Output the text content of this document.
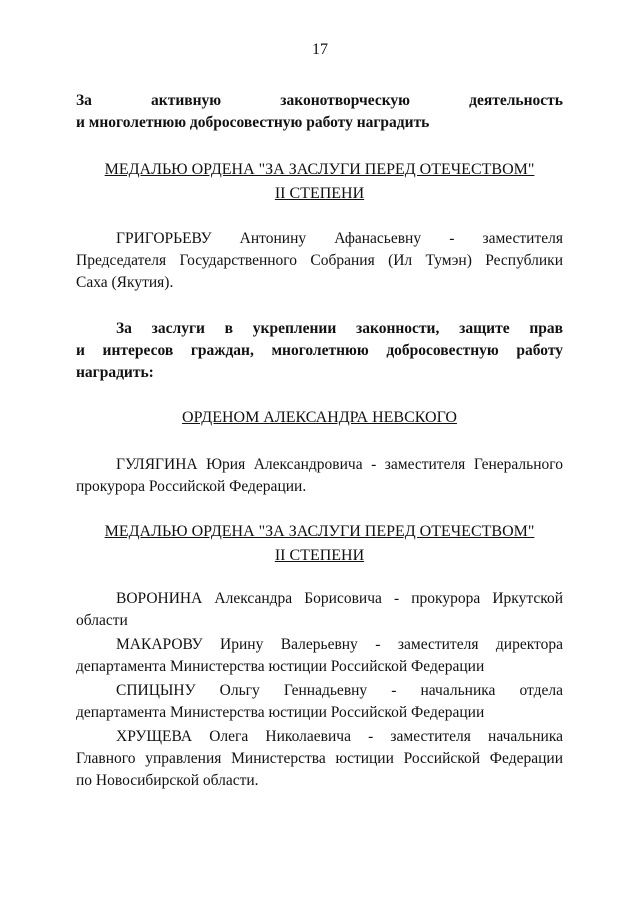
17
За активную законотворческую деятельность
и многолетнюю добросовестную работу наградить
МЕДАЛЬЮ ОРДЕНА "ЗА ЗАСЛУГИ ПЕРЕД ОТЕЧЕСТВОМ"
II СТЕПЕНИ
ГРИГОРЬЕВУ Антонину Афанасьевну - заместителя
Председателя Государственного Собрания (Ил Тумэн) Республики
Саха (Якутия).
За заслуги в укреплении законности, защите прав
и интересов граждан, многолетнюю добросовестную работу
наградить:
ОРДЕНОМ АЛЕКСАНДРА НЕВСКОГО
ГУЛЯГИНА Юрия Александровича - заместителя Генерального
прокурора Российской Федерации.
МЕДАЛЬЮ ОРДЕНА "ЗА ЗАСЛУГИ ПЕРЕД ОТЕЧЕСТВОМ"
II СТЕПЕНИ
ВОРОНИНА Александра Борисовича - прокурора Иркутской
области
МАКАРОВУ Ирину Валерьевну - заместителя директора
департамента Министерства юстиции Российской Федерации
СПИЦЫНУ Ольгу Геннадьевну - начальника отдела
департамента Министерства юстиции Российской Федерации
ХРУЩЕВА Олега Николаевича - заместителя начальника
Главного управления Министерства юстиции Российской Федерации
по Новосибирской области.
